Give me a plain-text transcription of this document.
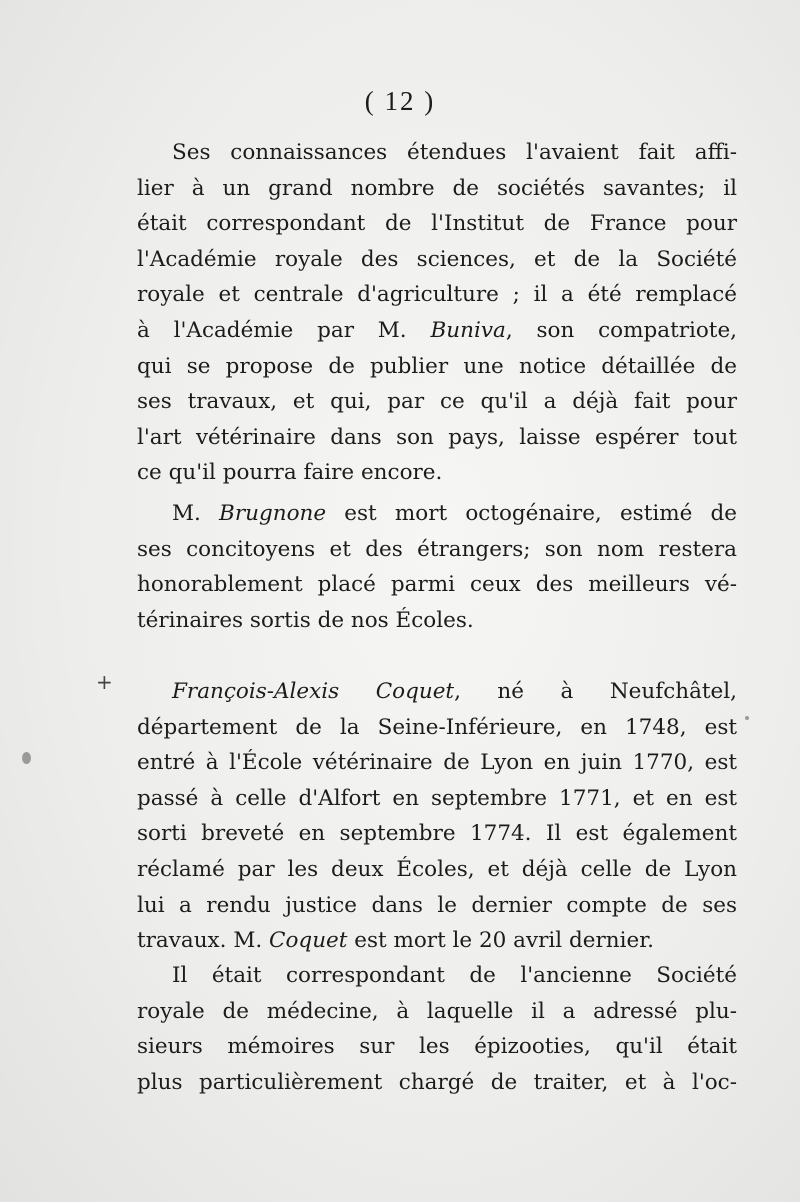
( 12 )
Ses connaissances étendues l'avaient fait affi-
lier à un grand nombre de sociétés savantes; il
était correspondant de l'Institut de France pour
l'Académie royale des sciences, et de la Société
royale et centrale d'agriculture ; il a été remplacé
à l'Académie par M. Buniva, son compatriote,
qui se propose de publier une notice détaillée de
ses travaux, et qui, par ce qu'il a déjà fait pour
l'art vétérinaire dans son pays, laisse espérer tout
ce qu'il pourra faire encore.
M. Brugnone est mort octogénaire, estimé de
ses concitoyens et des étrangers; son nom restera
honorablement placé parmi ceux des meilleurs vé-
térinaires sortis de nos Écoles.
François-Alexis Coquet, né à Neufchâtel,
département de la Seine-Inférieure, en 1748, est
entré à l'École vétérinaire de Lyon en juin 1770, est
passé à celle d'Alfort en septembre 1771, et en est
sorti breveté en septembre 1774. Il est également
réclamé par les deux Écoles, et déjà celle de Lyon
lui a rendu justice dans le dernier compte de ses
travaux. M. Coquet est mort le 20 avril dernier.
Il était correspondant de l'ancienne Société
royale de médecine, à laquelle il a adressé plu-
sieurs mémoires sur les épizooties, qu'il était
plus particulièrement chargé de traiter, et à l'oc-
+
